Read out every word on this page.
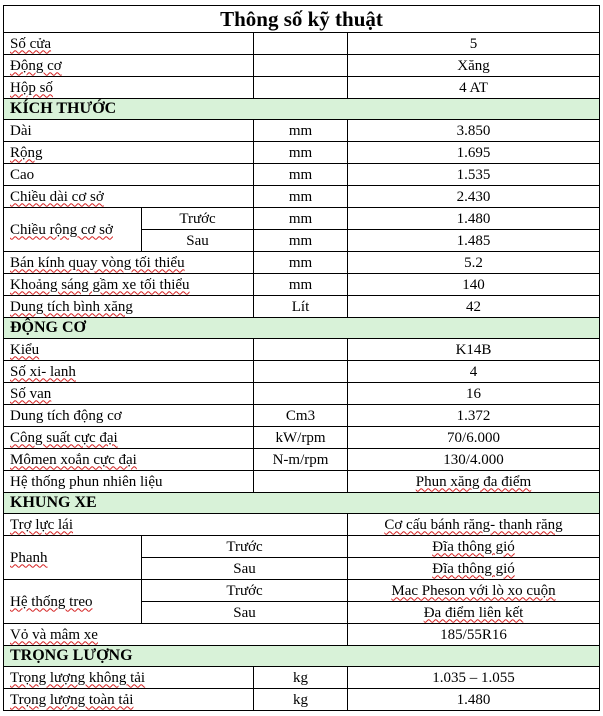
Thông số kỹ thuật			
Số cửa			5
Động cơ			Xăng
Hộp số			4 AT
KÍCH THƯỚC			
Dài		mm	3.850
Rộng		mm	1.695
Cao		mm	1.535
Chiều dài cơ sở		mm	2.430
Chiều rộng cơ sở	Trước	mm	1.480
	Sau	mm	1.485
Bán kính quay vòng tối thiểu		mm	5.2
Khoảng sáng gầm xe tối thiểu		mm	140
Dung tích bình xăng		Lít	42
ĐỘNG CƠ			
Kiểu			K14B
Số xi- lanh			4
Số van			16
Dung tích động cơ		Cm3	1.372
Công suất cực đại		kW/rpm	70/6.000
Mômen xoắn cực đại		N-m/rpm	130/4.000
Hệ thống phun nhiên liệu			Phun xăng đa điểm
KHUNG XE			
Trợ lực lái			Cơ cấu bánh răng- thanh răng
Phanh	Trước		Đĩa thông gió
	Sau		Đĩa thông gió
Hệ thống treo	Trước		Mac Pheson với lò xo cuộn
	Sau		Đa điểm liên kết
Vỏ và mâm xe			185/55R16
TRỌNG LƯỢNG			
Trọng lượng không tải		kg	1.035 – 1.055
Trọng lượng toàn tải		kg	1.480
